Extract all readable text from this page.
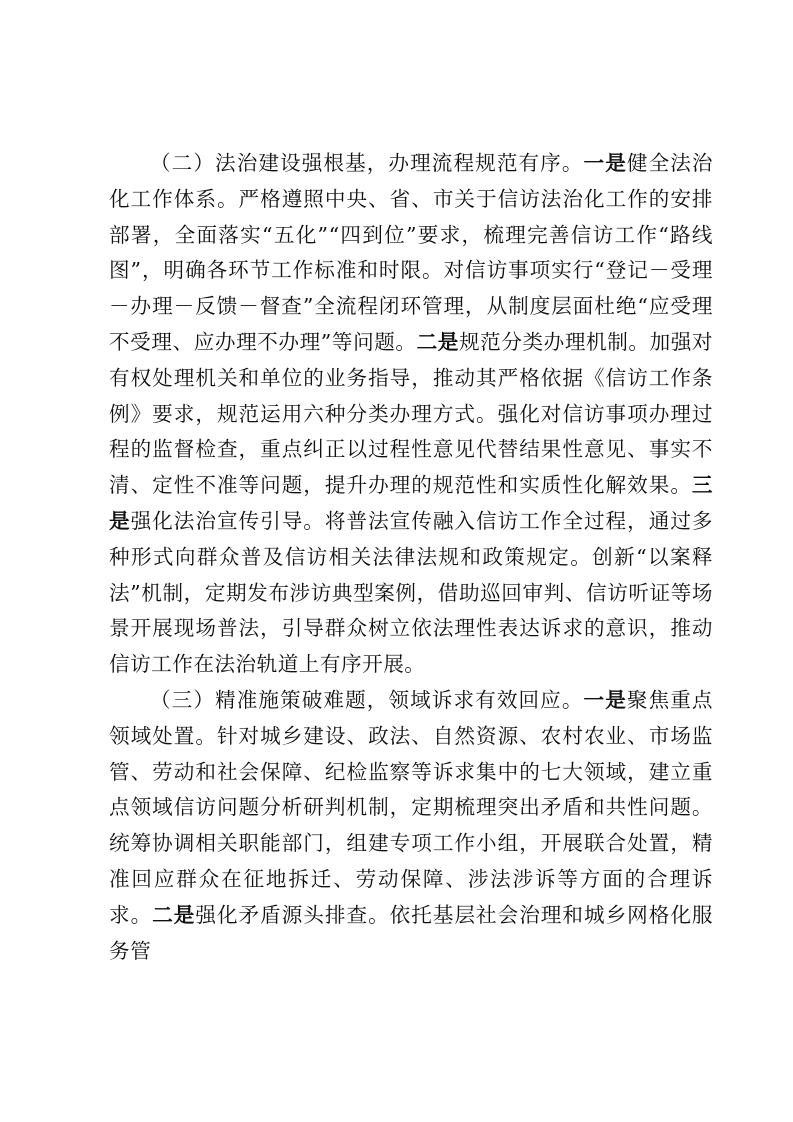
（二）法治建设强根基，办理流程规范有序。一是健全法治化工作体系。严格遵照中央、省、市关于信访法治化工作的安排部署，全面落实“五化”“四到位”要求，梳理完善信访工作“路线图”，明确各环节工作标准和时限。对信访事项实行“登记－受理－办理－反馈－督查”全流程闭环管理，从制度层面杜绝“应受理不受理、应办理不办理”等问题。二是规范分类办理机制。加强对有权处理机关和单位的业务指导，推动其严格依据《信访工作条例》要求，规范运用六种分类办理方式。强化对信访事项办理过程的监督检查，重点纠正以过程性意见代替结果性意见、事实不清、定性不准等问题，提升办理的规范性和实质性化解效果。三是强化法治宣传引导。将普法宣传融入信访工作全过程，通过多种形式向群众普及信访相关法律法规和政策规定。创新“以案释法”机制，定期发布涉访典型案例，借助巡回审判、信访听证等场景开展现场普法，引导群众树立依法理性表达诉求的意识，推动信访工作在法治轨道上有序开展。

（三）精准施策破难题，领域诉求有效回应。一是聚焦重点领域处置。针对城乡建设、政法、自然资源、农村农业、市场监管、劳动和社会保障、纪检监察等诉求集中的七大领域，建立重点领域信访问题分析研判机制，定期梳理突出矛盾和共性问题。统筹协调相关职能部门，组建专项工作小组，开展联合处置，精准回应群众在征地拆迁、劳动保障、涉法涉诉等方面的合理诉求。二是强化矛盾源头排查。依托基层社会治理和城乡网格化服务管
